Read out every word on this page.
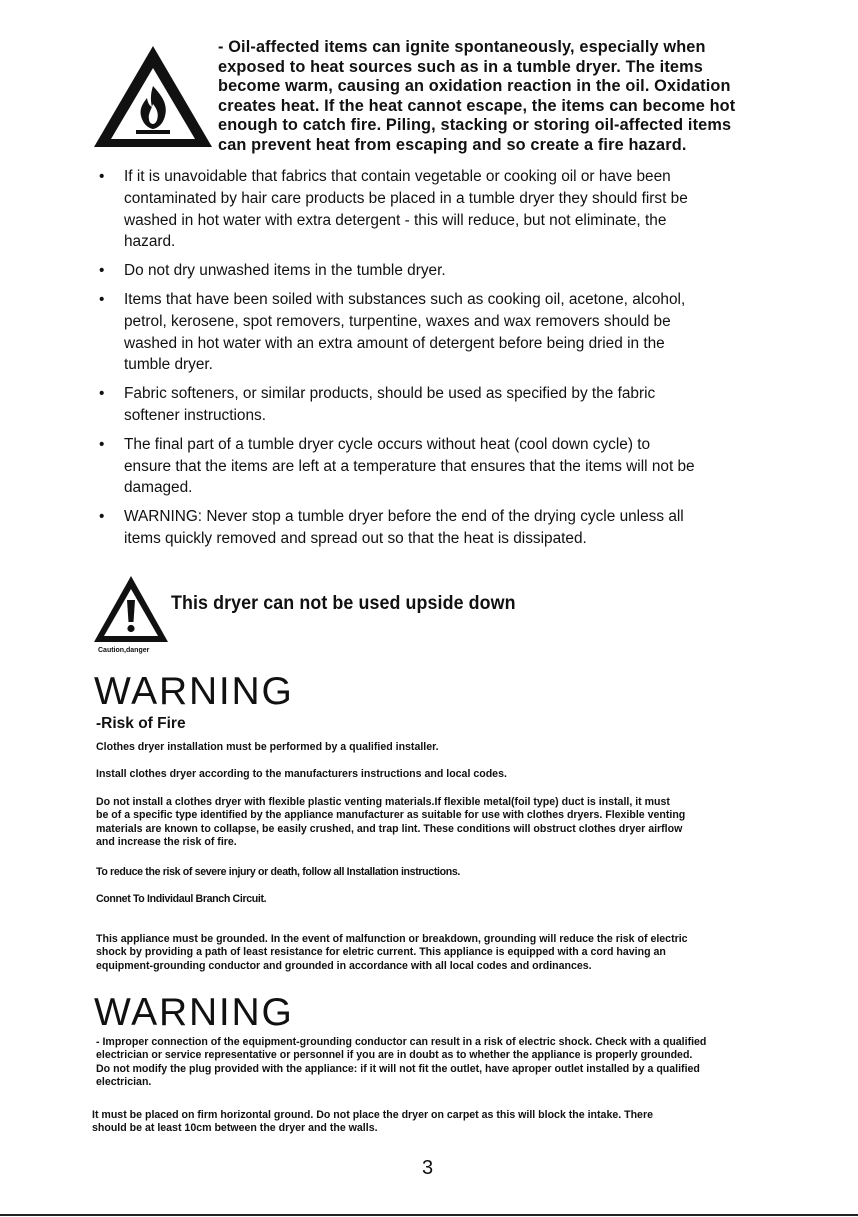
- Oil-affected items can ignite spontaneously, especially when
exposed to heat sources such as in a tumble dryer. The items
become warm, causing an oxidation reaction in the oil. Oxidation
creates heat. If the heat cannot escape, the items can become hot
enough to catch fire. Piling, stacking or storing oil-affected items
can prevent heat from escaping and so create a fire hazard.
• If it is unavoidable that fabrics that contain vegetable or cooking oil or have been
contaminated by hair care products be placed in a tumble dryer they should first be
washed in hot water with extra detergent - this will reduce, but not eliminate, the
hazard.
• Do not dry unwashed items in the tumble dryer.
• Items that have been soiled with substances such as cooking oil, acetone, alcohol,
petrol, kerosene, spot removers, turpentine, waxes and wax removers should be
washed in hot water with an extra amount of detergent before being dried in the
tumble dryer.
• Fabric softeners, or similar products, should be used as specified by the fabric
softener instructions.
• The final part of a tumble dryer cycle occurs without heat (cool down cycle) to
ensure that the items are left at a temperature that ensures that the items will not be
damaged.
• WARNING: Never stop a tumble dryer before the end of the drying cycle unless all
items quickly removed and spread out so that the heat is dissipated.
This dryer can not be used upside down
Caution,danger
WARNING
-Risk of Fire
Clothes dryer installation must be performed by a qualified installer.
Install clothes dryer according to the manufacturers instructions and local codes.
Do not install a clothes dryer with flexible plastic venting materials.If flexible metal(foil type) duct is install, it must
be of a specific type identified by the appliance manufacturer as suitable for use with clothes dryers. Flexible venting
materials are known to collapse, be easily crushed, and trap lint. These conditions will obstruct clothes dryer airflow
and increase the risk of fire.
To reduce the risk of severe injury or death, follow all Installation instructions.
Connet To Individaul Branch Circuit.
This appliance must be grounded. In the event of malfunction or breakdown, grounding will reduce the risk of electric
shock by providing a path of least resistance for eletric current. This appliance is equipped with a cord having an
equipment-grounding conductor and grounded in accordance with all local codes and ordinances.
WARNING
- Improper connection of the equipment-grounding conductor can result in a risk of electric shock. Check with a qualified
electrician or service representative or personnel if you are in doubt as to whether the appliance is properly grounded.
Do not modify the plug provided with the appliance: if it will not fit the outlet, have aproper outlet installed by a qualified
electrician.
It must be placed on firm horizontal ground. Do not place the dryer on carpet as this will block the intake. There
should be at least 10cm between the dryer and the walls.
3
